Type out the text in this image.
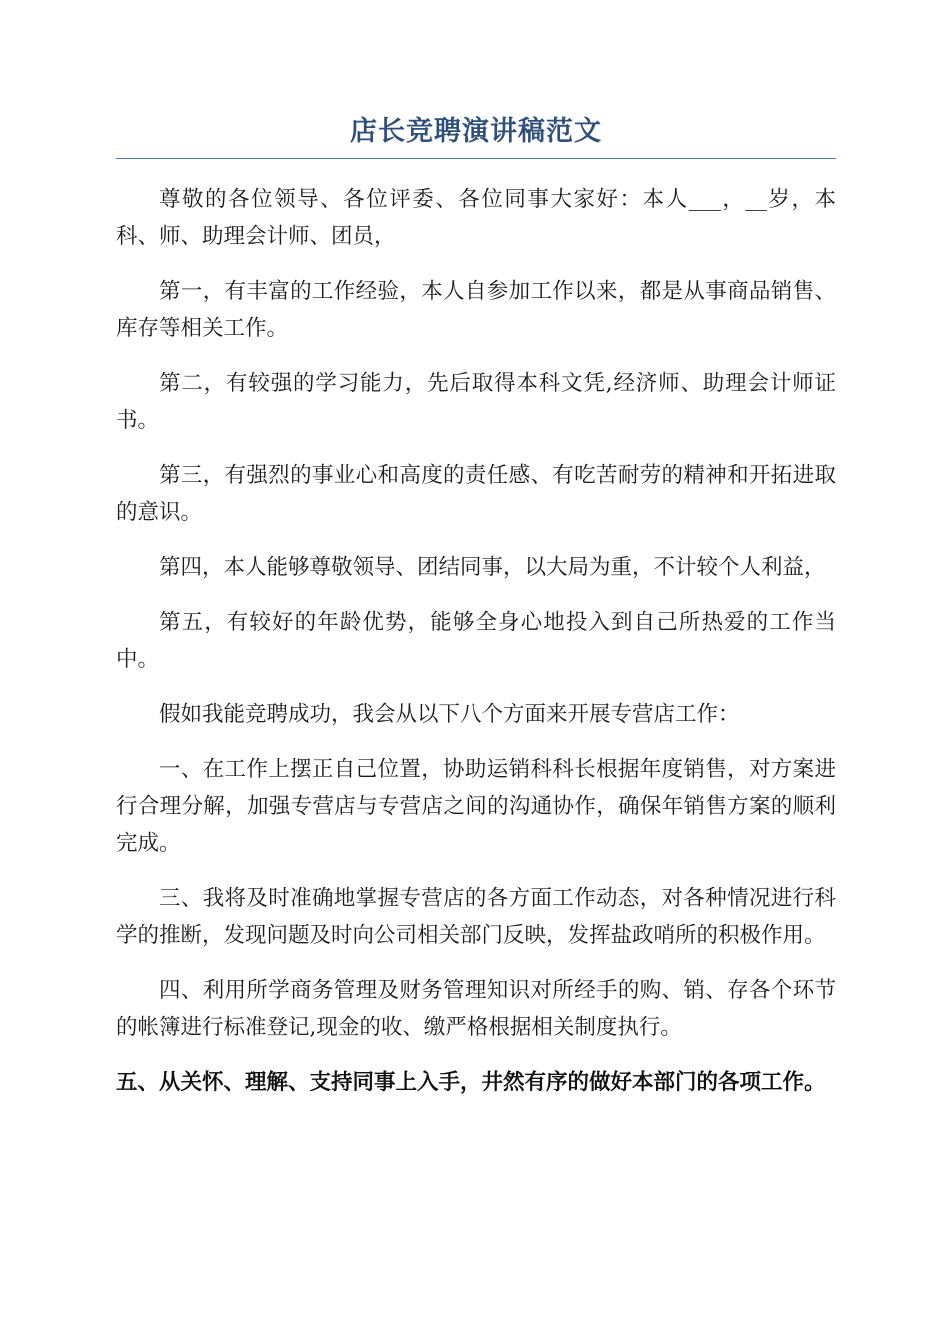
店长竞聘演讲稿范文

尊敬的各位领导、各位评委、各位同事大家好：本人___，__岁，本科、师、助理会计师、团员，

第一，有丰富的工作经验，本人自参加工作以来，都是从事商品销售、库存等相关工作。

第二，有较强的学习能力，先后取得本科文凭,经济师、助理会计师证书。

第三，有强烈的事业心和高度的责任感、有吃苦耐劳的精神和开拓进取的意识。

第四，本人能够尊敬领导、团结同事，以大局为重，不计较个人利益，

第五，有较好的年龄优势，能够全身心地投入到自己所热爱的工作当中。

假如我能竞聘成功，我会从以下八个方面来开展专营店工作：

一、在工作上摆正自己位置，协助运销科科长根据年度销售，对方案进行合理分解，加强专营店与专营店之间的沟通协作，确保年销售方案的顺利完成。

三、我将及时准确地掌握专营店的各方面工作动态，对各种情况进行科学的推断，发现问题及时向公司相关部门反映，发挥盐政哨所的积极作用。

四、利用所学商务管理及财务管理知识对所经手的购、销、存各个环节的帐簿进行标准登记,现金的收、缴严格根据相关制度执行。

五、从关怀、理解、支持同事上入手，井然有序的做好本部门的各项工作。
